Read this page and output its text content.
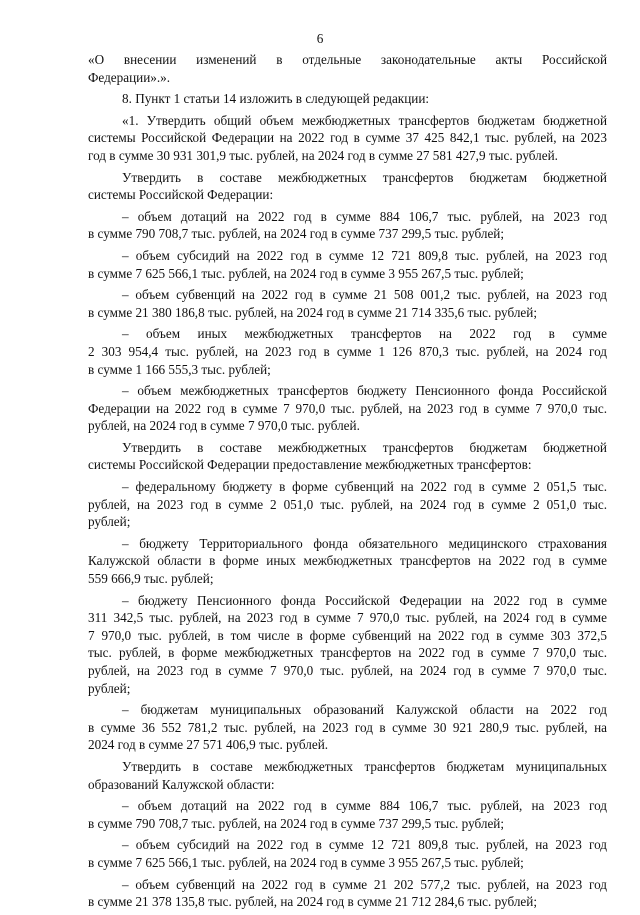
6

«О внесении изменений в отдельные законодательные акты Российской
Федерации».».

8. Пункт 1 статьи 14 изложить в следующей редакции:

«1. Утвердить общий объем межбюджетных трансфертов бюджетам бюджетной
системы Российской Федерации на 2022 год в сумме 37 425 842,1 тыс. рублей, на 2023
год в сумме 30 931 301,9 тыс. рублей, на 2024 год в сумме 27 581 427,9 тыс. рублей.

Утвердить в составе межбюджетных трансфертов бюджетам бюджетной
системы Российской Федерации:

– объем дотаций на 2022 год в сумме 884 106,7 тыс. рублей, на 2023 год
в сумме 790 708,7 тыс. рублей, на 2024 год в сумме 737 299,5 тыс. рублей;

– объем субсидий на 2022 год в сумме 12 721 809,8 тыс. рублей, на 2023 год
в сумме 7 625 566,1 тыс. рублей, на 2024 год в сумме 3 955 267,5 тыс. рублей;

– объем субвенций на 2022 год в сумме 21 508 001,2 тыс. рублей, на 2023 год
в сумме 21 380 186,8 тыс. рублей, на 2024 год в сумме 21 714 335,6 тыс. рублей;

– объем иных межбюджетных трансфертов на 2022 год в сумме
2 303 954,4 тыс. рублей, на 2023 год в сумме 1 126 870,3 тыс. рублей, на 2024 год
в сумме 1 166 555,3 тыс. рублей;

– объем межбюджетных трансфертов бюджету Пенсионного фонда Российской
Федерации на 2022 год в сумме 7 970,0 тыс. рублей, на 2023 год в сумме 7 970,0 тыс.
рублей, на 2024 год в сумме 7 970,0 тыс. рублей.

Утвердить в составе межбюджетных трансфертов бюджетам бюджетной
системы Российской Федерации предоставление межбюджетных трансфертов:

– федеральному бюджету в форме субвенций на 2022 год в сумме 2 051,5 тыс.
рублей, на 2023 год в сумме 2 051,0 тыс. рублей, на 2024 год в сумме 2 051,0 тыс.
рублей;

– бюджету Территориального фонда обязательного медицинского страхования
Калужской области в форме иных межбюджетных трансфертов на 2022 год в сумме
559 666,9 тыс. рублей;

– бюджету Пенсионного фонда Российской Федерации на 2022 год в сумме
311 342,5 тыс. рублей, на 2023 год в сумме 7 970,0 тыс. рублей, на 2024 год в сумме
7 970,0 тыс. рублей, в том числе в форме субвенций на 2022 год в сумме 303 372,5
тыс. рублей, в форме межбюджетных трансфертов на 2022 год в сумме 7 970,0 тыс.
рублей, на 2023 год в сумме 7 970,0 тыс. рублей, на 2024 год в сумме 7 970,0 тыс.
рублей;

– бюджетам муниципальных образований Калужской области на 2022 год
в сумме 36 552 781,2 тыс. рублей, на 2023 год в сумме 30 921 280,9 тыс. рублей, на
2024 год в сумме 27 571 406,9 тыс. рублей.

Утвердить в составе межбюджетных трансфертов бюджетам муниципальных
образований Калужской области:

– объем дотаций на 2022 год в сумме 884 106,7 тыс. рублей, на 2023 год
в сумме 790 708,7 тыс. рублей, на 2024 год в сумме 737 299,5 тыс. рублей;

– объем субсидий на 2022 год в сумме 12 721 809,8 тыс. рублей, на 2023 год
в сумме 7 625 566,1 тыс. рублей, на 2024 год в сумме 3 955 267,5 тыс. рублей;

– объем субвенций на 2022 год в сумме 21 202 577,2 тыс. рублей, на 2023 год
в сумме 21 378 135,8 тыс. рублей, на 2024 год в сумме 21 712 284,6 тыс. рублей;
